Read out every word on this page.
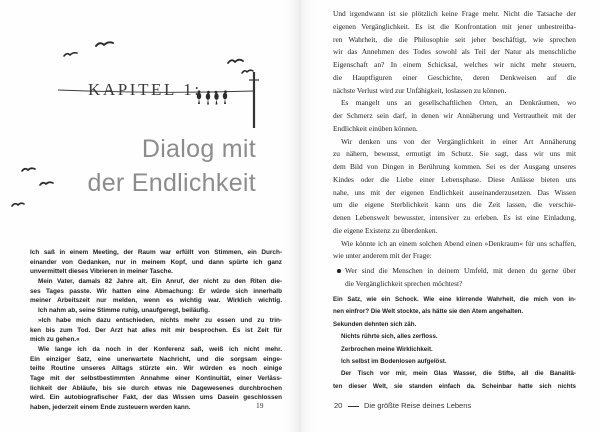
KAPITEL 1:
Dialog mit
der Endlichkeit
Ich saß in einem Meeting, der Raum war erfüllt von Stimmen, ein Durch-
einander von Gedanken, nur in meinem Kopf, und dann spürte ich ganz
unvermittelt dieses Vibrieren in meiner Tasche.
Mein Vater, damals 82 Jahre alt. Ein Anruf, der nicht zu den Riten die-
ses Tages passte. Wir hatten eine Abmachung: Er würde sich innerhalb
meiner Arbeitszeit nur melden, wenn es wichtig war. Wirklich wichtig.
Ich nahm ab, seine Stimme ruhig, unaufgeregt, beiläufig.
»Ich habe mich dazu entschieden, nichts mehr zu essen und zu trin-
ken bis zum Tod. Der Arzt hat alles mit mir besprochen. Es ist Zeit für
mich zu gehen.«
Wie lange ich da noch in der Konferenz saß, weiß ich nicht mehr.
Ein einziger Satz, eine unerwartete Nachricht, und die sorgsam einge-
teilte Routine unseres Alltags stürzte ein. Wir würden es noch einige
Tage mit der selbstbestimmten Annahme einer Kontinuität, einer Verläss-
lichkeit der Abläufe, bis sie durch etwas nie Dagewesenes durchbrochen
wird. Ein autobiografischer Fakt, der das Wissen ums Dasein geschlossen
haben, jederzeit einem Ende zusteuern werden kann.	19
Und irgendwann ist sie plötzlich keine Frage mehr. Nicht die Tatsache der
eigenen Vergänglichkeit. Es ist die Konfrontation mit jener unbestreitba-
ren Wahrheit, die die Philosophie seit jeher beschäftigt, wie sprechen
wir das Annehmen des Todes sowohl als Teil der Natur als menschliche
Eigenschaft an? In einem Schicksal, welches wir nicht mehr steuern,
die Hauptfiguren einer Geschichte, deren Denkweisen auf die
nächste Verlust wird zur Unfähigkeit, loslassen zu können.
Es mangelt uns an gesellschaftlichen Orten, an Denkräumen, wo
der Schmerz sein darf, in denen wir Annäherung und Vertrautheit mit der
Endlichkeit einüben können.
Wir denken uns von der Vergänglichkeit in einer Art Annäherung
zu nähern, bewusst, ermutigt im Schutz. Sie sagt, dass wir uns mit
dem Bild von Dingen in Berührung kommen. Sei es der Ausgang unseres
Kindes oder die Liebe einer Lebensphase. Diese Anlässe bieten uns
nahe, uns mit der eigenen Endlichkeit auseinanderzusetzen. Das Wissen
um die eigene Sterblichkeit kann uns die Zeit lassen, die verschie-
denen Lebenswelt bewusster, intensiver zu erleben. Es ist eine Einladung,
die eigene Existenz zu überdenken.
Wie könnte ich an einem solchen Abend einen »Denkraum« für uns schaffen,
wie unter anderem mit der Frage:
Wer sind die Menschen in deinem Umfeld, mit denen du gerne über
die Vergänglichkeit sprechen möchtest?
Ein Satz, wie ein Schock. Wie eine klirrende Wahrheit, die mich von in-
nen einfror? Die Welt stockte, als hätte sie den Atem angehalten.
Sekunden dehnten sich zäh.
Nichts rührte sich, alles zerfloss.
Zerbrochen meine Wirklichkeit.
Ich selbst im Bodenlosen aufgelöst.
Der Tisch vor mir, mein Glas Wasser, die Stifte, all die Banalitä-
ten dieser Welt, sie standen einfach da. Scheinbar hatte sich nichts
20	Die größte Reise deines Lebens
